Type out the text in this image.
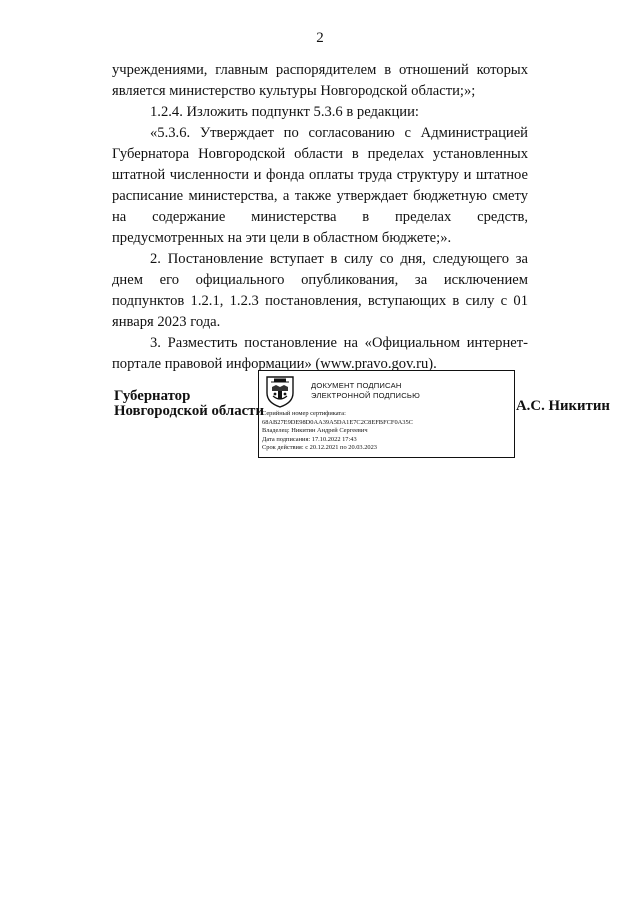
2

учреждениями, главным распорядителем в отношений которых является министерство культуры Новгородской области;»;

1.2.4. Изложить подпункт 5.3.6 в редакции:

«5.3.6. Утверждает по согласованию с Администрацией Губернатора Новгородской области в пределах установленных штатной численности и фонда оплаты труда структуру и штатное расписание министерства, а также утверждает бюджетную смету на содержание министерства в пределах средств, предусмотренных на эти цели в областном бюджете;».

2. Постановление вступает в силу со дня, следующего за днем его официального опубликования, за исключением подпунктов 1.2.1, 1.2.3 постановления, вступающих в силу с 01 января 2023 года.

3. Разместить постановление на «Официальном интернет-портале правовой информации» (www.pravo.gov.ru).

Губернатор
Новгородской области
ДОКУМЕНТ ПОДПИСАН
ЭЛЕКТРОННОЙ ПОДПИСЬЮ
Серийный номер сертификата:
68AB27E9DE98D0AA39A5DA1E7C2C8EFBFCF0A35C
Владелец: Никитин Андрей Сергеевич
Дата подписания: 17.10.2022 17:43
Срок действия: с 20.12.2021 по 20.03.2023
А.С. Никитин
